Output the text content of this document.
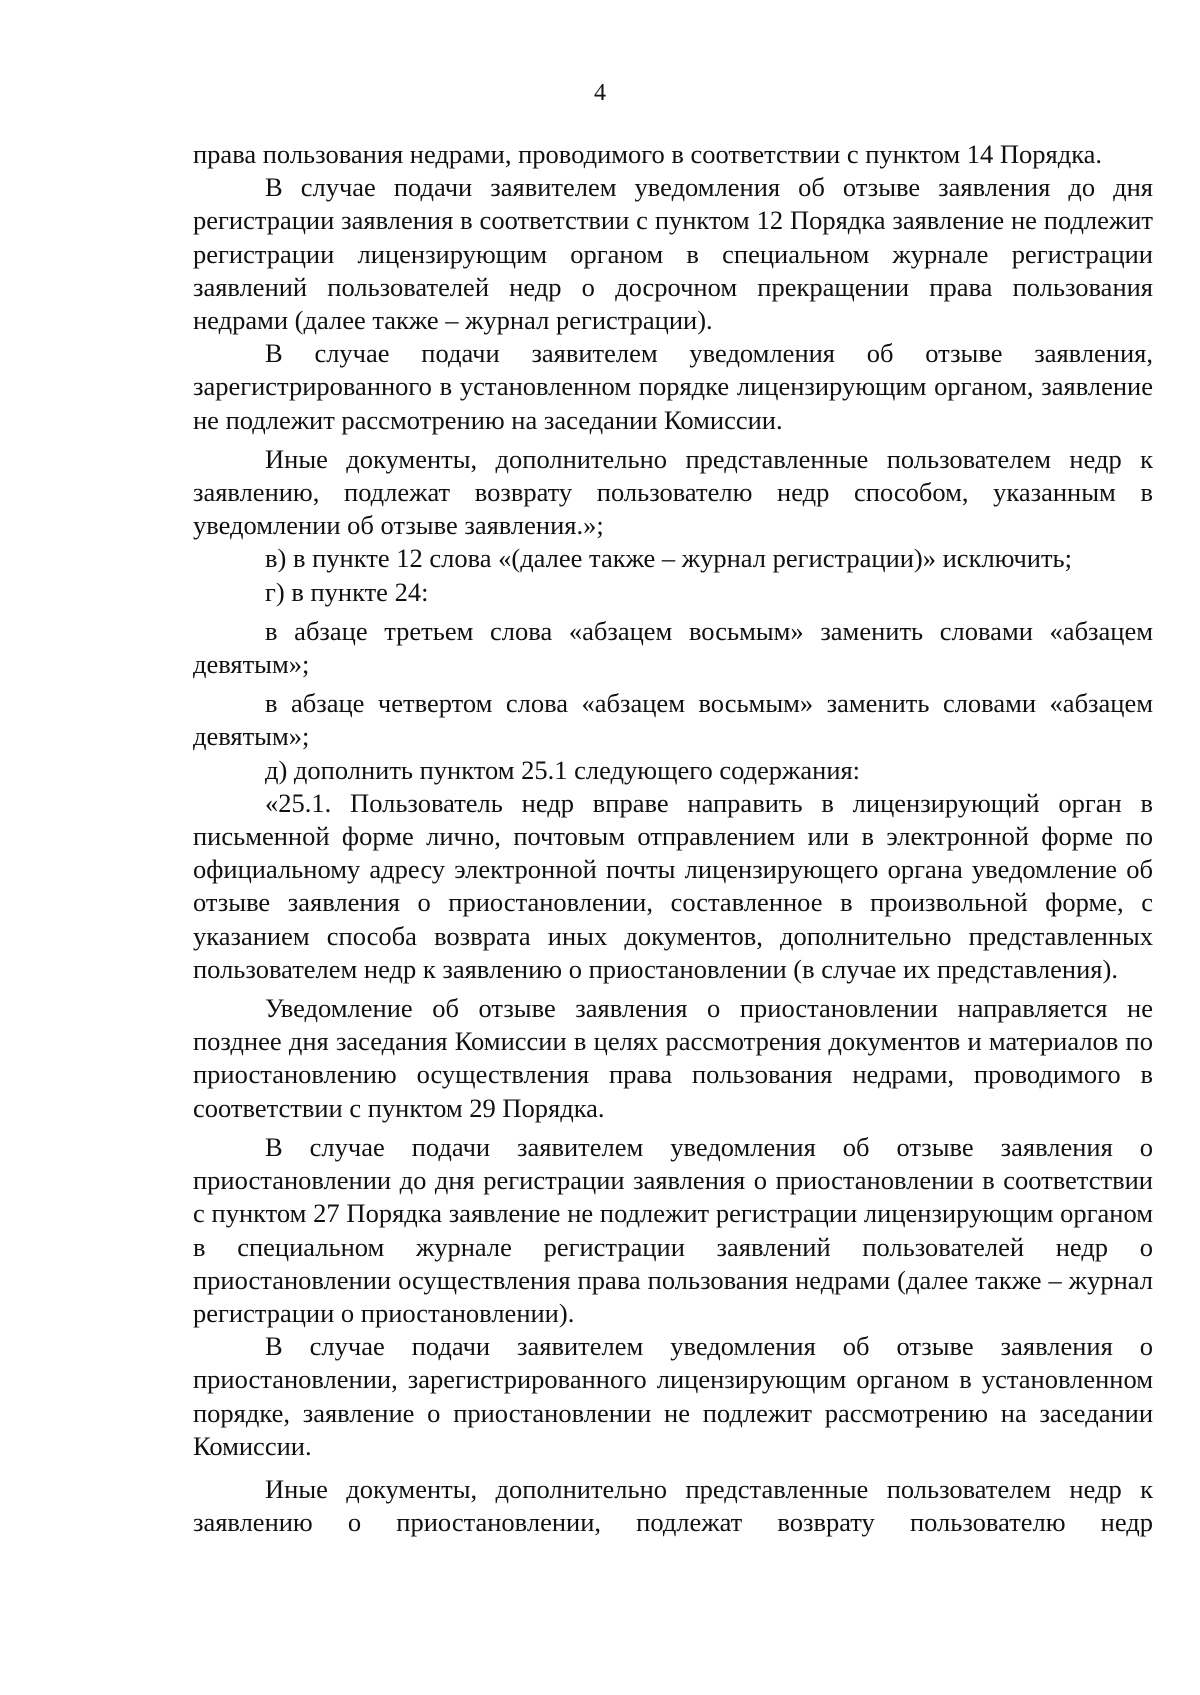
4

права пользования недрами, проводимого в соответствии с пунктом 14 Порядка.

В случае подачи заявителем уведомления об отзыве заявления до дня регистрации заявления в соответствии с пунктом 12 Порядка заявление не подлежит регистрации лицензирующим органом в специальном журнале регистрации заявлений пользователей недр о досрочном прекращении права пользования недрами (далее также – журнал регистрации).

В случае подачи заявителем уведомления об отзыве заявления, зарегистрированного в установленном порядке лицензирующим органом, заявление не подлежит рассмотрению на заседании Комиссии.

Иные документы, дополнительно представленные пользователем недр к заявлению, подлежат возврату пользователю недр способом, указанным в уведомлении об отзыве заявления.»;

в) в пункте 12 слова «(далее также – журнал регистрации)» исключить;

г) в пункте 24:

в абзаце третьем слова «абзацем восьмым» заменить словами «абзацем девятым»;

в абзаце четвертом слова «абзацем восьмым» заменить словами «абзацем девятым»;

д) дополнить пунктом 25.1 следующего содержания:

«25.1. Пользователь недр вправе направить в лицензирующий орган в письменной форме лично, почтовым отправлением или в электронной форме по официальному адресу электронной почты лицензирующего органа уведомление об отзыве заявления о приостановлении, составленное в произвольной форме, с указанием способа возврата иных документов, дополнительно представленных пользователем недр к заявлению о приостановлении (в случае их представления).

Уведомление об отзыве заявления о приостановлении направляется не позднее дня заседания Комиссии в целях рассмотрения документов и материалов по приостановлению осуществления права пользования недрами, проводимого в соответствии с пунктом 29 Порядка.

В случае подачи заявителем уведомления об отзыве заявления о приостановлении до дня регистрации заявления о приостановлении в соответствии с пунктом 27 Порядка заявление не подлежит регистрации лицензирующим органом в специальном журнале регистрации заявлений пользователей недр о приостановлении осуществления права пользования недрами (далее также – журнал регистрации о приостановлении).

В случае подачи заявителем уведомления об отзыве заявления о приостановлении, зарегистрированного лицензирующим органом в установленном порядке, заявление о приостановлении не подлежит рассмотрению на заседании Комиссии.

Иные документы, дополнительно представленные пользователем недр к заявлению о приостановлении, подлежат возврату пользователю недр
